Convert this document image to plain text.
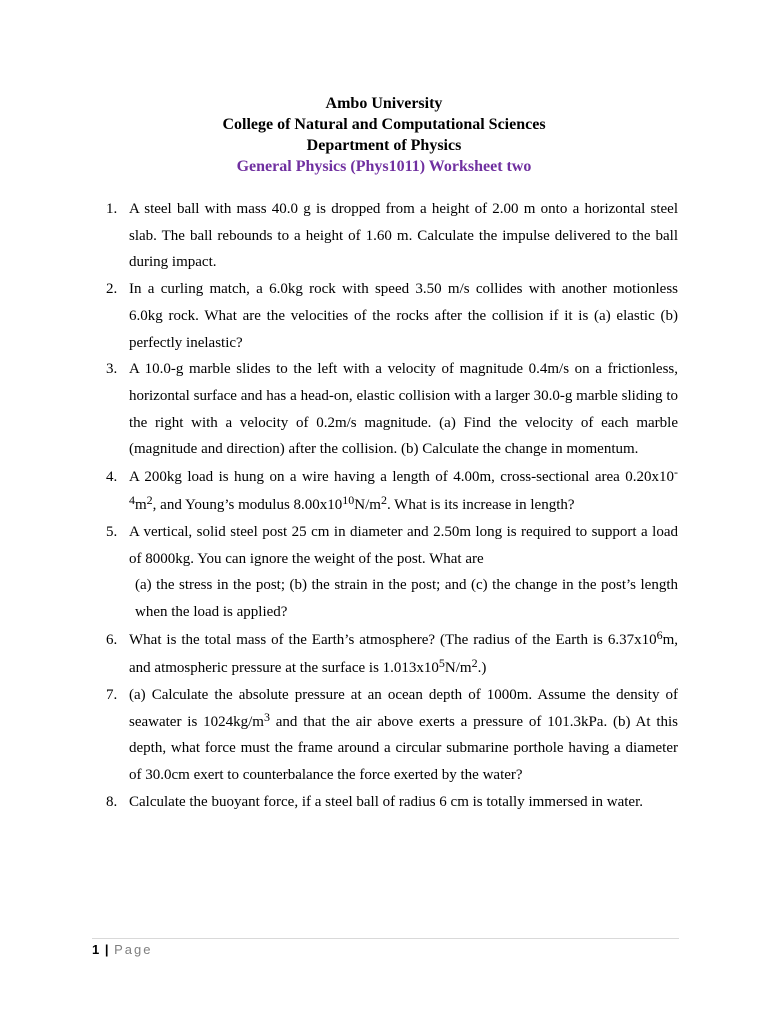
Ambo University
College of Natural and Computational Sciences
Department of Physics
General Physics (Phys1011) Worksheet two
1. A steel ball with mass 40.0 g is dropped from a height of 2.00 m onto a horizontal steel slab. The ball rebounds to a height of 1.60 m. Calculate the impulse delivered to the ball during impact.
2. In a curling match, a 6.0kg rock with speed 3.50 m/s collides with another motionless 6.0kg rock. What are the velocities of the rocks after the collision if it is (a) elastic (b) perfectly inelastic?
3. A 10.0-g marble slides to the left with a velocity of magnitude 0.4m/s on a frictionless, horizontal surface and has a head-on, elastic collision with a larger 30.0-g marble sliding to the right with a velocity of 0.2m/s magnitude. (a) Find the velocity of each marble (magnitude and direction) after the collision. (b) Calculate the change in momentum.
4. A 200kg load is hung on a wire having a length of 4.00m, cross-sectional area $0.20x10^{-4}m^2$, and Young’s modulus $8.00x10^{10}N/m^2$. What is its increase in length?
5. A vertical, solid steel post 25 cm in diameter and 2.50m long is required to support a load of 8000kg. You can ignore the weight of the post. What are
(a) the stress in the post; (b) the strain in the post; and (c) the change in the post’s length when the load is applied?
6. What is the total mass of the Earth’s atmosphere? (The radius of the Earth is $6.37x10^6m$, and atmospheric pressure at the surface is $1.013x10^5N/m^2$.)
7. (a) Calculate the absolute pressure at an ocean depth of 1000m. Assume the density of seawater is $1024kg/m^3$ and that the air above exerts a pressure of 101.3kPa. (b) At this depth, what force must the frame around a circular submarine porthole having a diameter of 30.0cm exert to counterbalance the force exerted by the water?
8. Calculate the buoyant force, if a steel ball of radius 6 cm is totally immersed in water.
1 | Page
